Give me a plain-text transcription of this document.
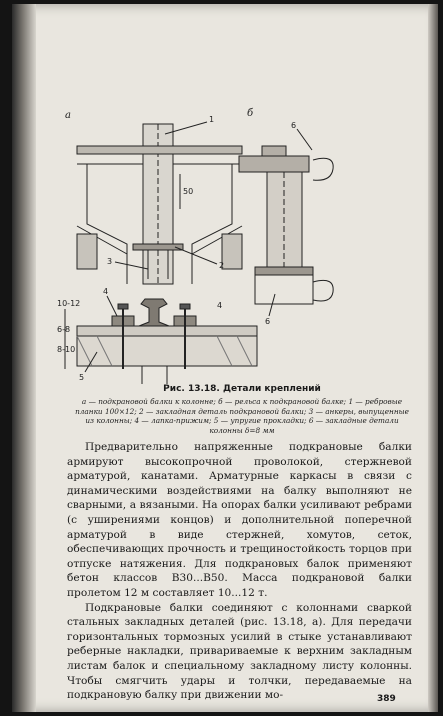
а	б
50
1
2
3
6
6
10-12
6-8
8-10
4
5
4
Рис. 13.18. Детали креплений
а — подкрановой балки к колонне; б — рельса к подкрановой балке; 1 — ребровые планки 100×12; 2 — закладная деталь подкрановой балки; 3 — анкеры, выпущенные из колонны; 4 — лапка-прижим; 5 — упругие прокладки; 6 — закладные детали колонны δ=8 мм

Предварительно напряженные подкрановые балки армируют высокопрочной проволокой, стержневой арматурой, канатами. Арматурные каркасы в связи с динамическими воздействиями на балку выполняют не сварными, а вязаными. На опорах балки усиливают ребрами (с уширениями концов) и дополнительной поперечной арматурой в виде стержней, хомутов, сеток, обеспечивающих прочность и трещиностойкость торцов при отпуске натяжения. Для подкрановых балок применяют бетон классов B30...B50. Масса подкрановой балки пролетом 12 м составляет 10...12 т.

Подкрановые балки соединяют с колоннами сваркой стальных закладных деталей (рис. 13.18, а). Для передачи горизонтальных тормозных усилий в стыке устанавливают реберные накладки, привариваемые к верхним закладным листам балок и специальному закладному листу колонны. Чтобы смягчить удары и толчки, передаваемые на подкрановую балку при движении мо-	389
